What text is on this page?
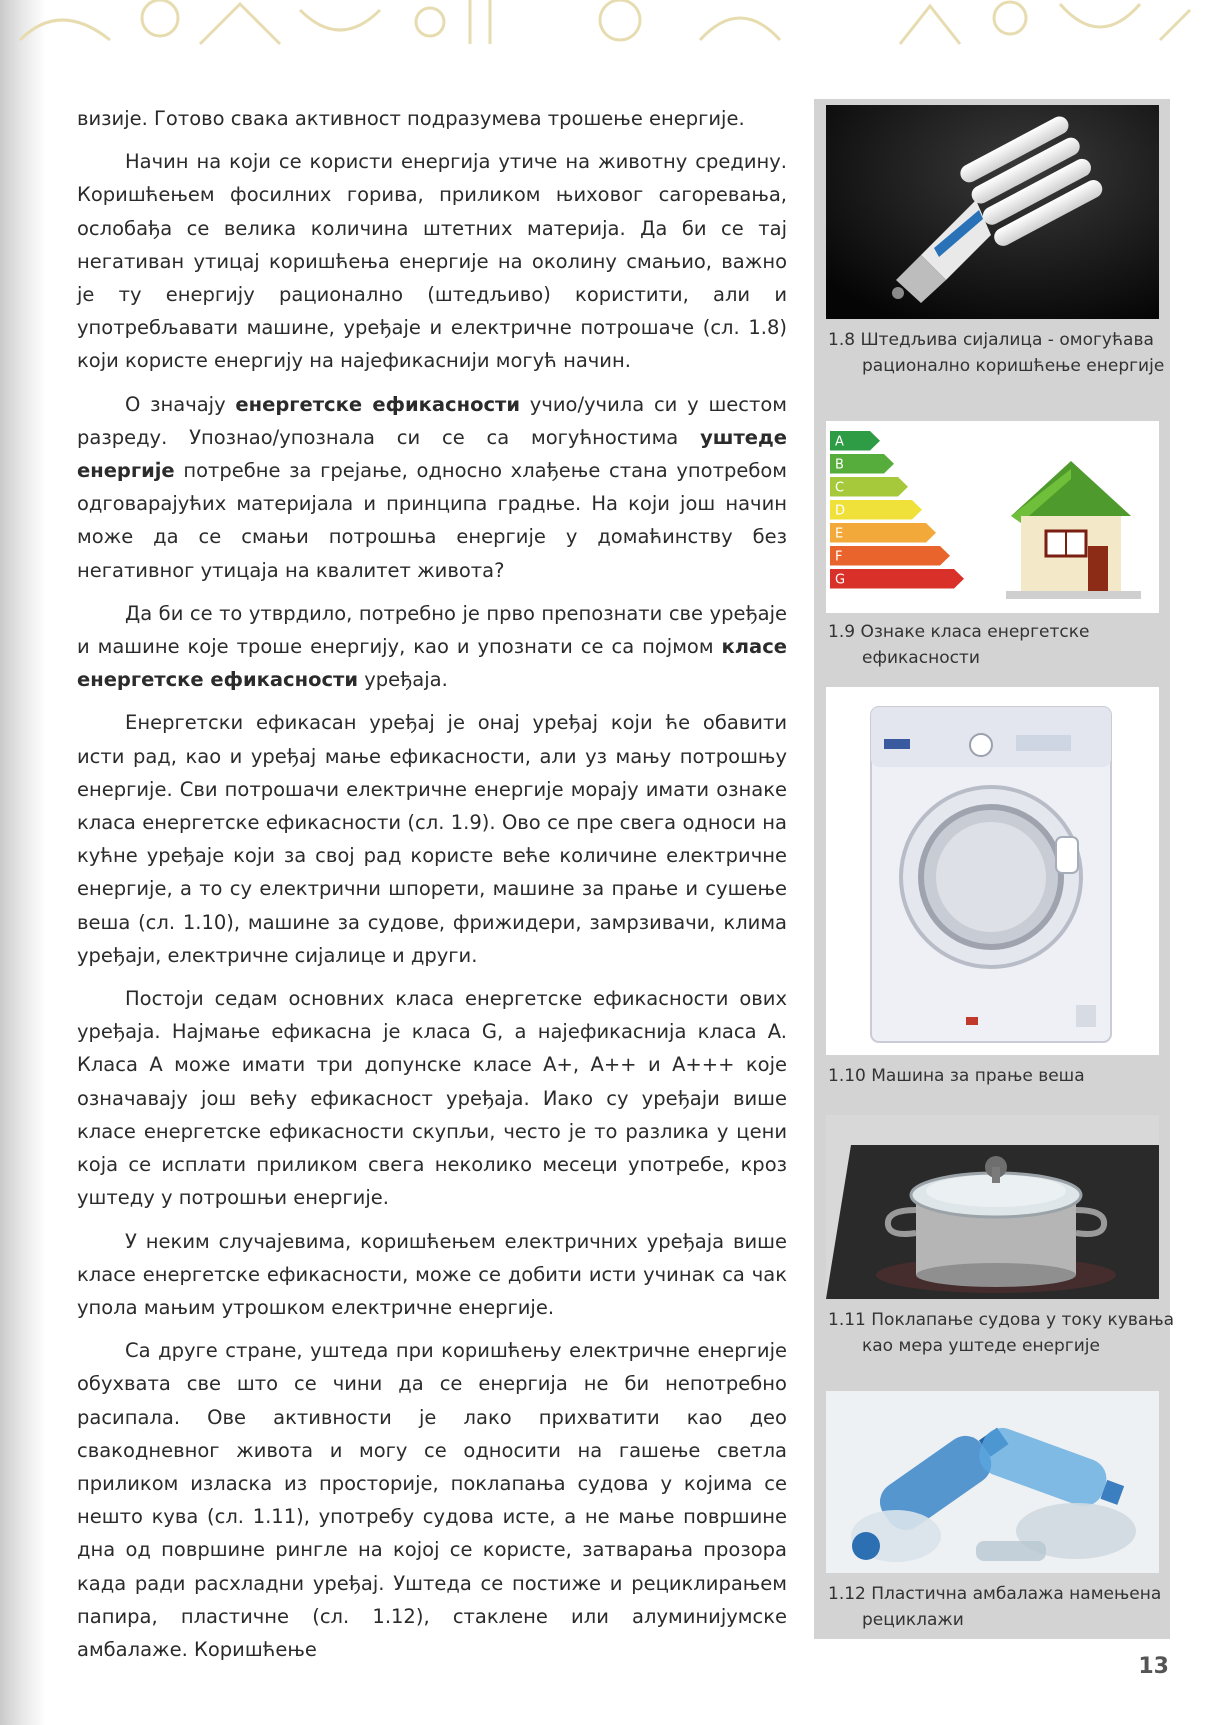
визије. Готово свака активност подразумева трошење енергије.

Начин на који се користи енергија утиче на животну средину. Коришћењем фосилних горива, приликом њиховог сагоревања, ослобађа се велика количина штетних материја. Да би се тај негативан утицај коришћења енергије на околину смањио, важно је ту енергију рационално (штедљиво) користити, али и употребљавати машине, уређаје и електричне потрошаче (сл. 1.8) који користе енергију на најефикаснији могућ начин.

О значају енергетске ефикасности учио/учила си у шестом разреду. Упознао/упознала си се са могућностима уштеде енергије потребне за грејање, односно хлађење стана употребом одговарајућих материјала и принципа градње. На који још начин може да се смањи потрошња енергије у домаћинству без негативног утицаја на квалитет живота?

Да би се то утврдило, потребно је прво препознати све уређаје и машине које троше енергију, као и упознати се са појмом класе енергетске ефикасности уређаја.

Енергетски ефикасан уређај је онај уређај који ће обавити исти рад, као и уређај мање ефикасности, али уз мању потрошњу енергије. Сви потрошачи електричне енергије морају имати ознаке класа енергетске ефикасности (сл. 1.9). Ово се пре свега односи на кућне уређаје који за свој рад користе веће количине електричне енергије, а то су електрични шпорети, машине за прање и сушење веша (сл. 1.10), машине за судове, фрижидери, замрзивачи, клима уређаји, електричне сијалице и други.

Постоји седам основних класа енергетске ефикасности ових уређаја. Најмање ефикасна је класа G, а најефикаснија класа A. Класа A може имати три допунске класе A+, A++ и A+++ које означавају још већу ефикасност уређаја. Иако су уређаји више класе енергетске ефикасности скупљи, често је то разлика у цени која се исплати приликом свега неколико месеци употребе, кроз уштеду у потрошњи енергије.

У неким случајевима, коришћењем електричних уређаја више класе енергетске ефикасности, може се добити исти учинак са чак упола мањим утрошком електричне енергије.

Са друге стране, уштеда при коришћењу електричне енергије обухвата све што се чини да се енергија не би непотребно расипала. Ове активности је лако прихватити као део свакодневног живота и могу се односити на гашење светла приликом изласка из просторије, поклапања судова у којима се нешто кува (сл. 1.11), употребу судова исте, а не мање површине дна од површине рингле на којој се користе, затварања прозора када ради расхладни уређај. Уштеда се постиже и рециклирањем папира, пластичне (сл. 1.12), стаклене или алуминијумске амбалаже. Коришћење

1.8 Штедљива сијалица - омогућава рационално коришћење енергије
A
B
C
D
E
F
G
1.9 Ознаке класа енергетске ефикасности
1.10 Машина за прање веша
1.11 Поклапање судова у току кувања као мера уштеде енергије
1.12 Пластична амбалажа намењена рециклажи
13
